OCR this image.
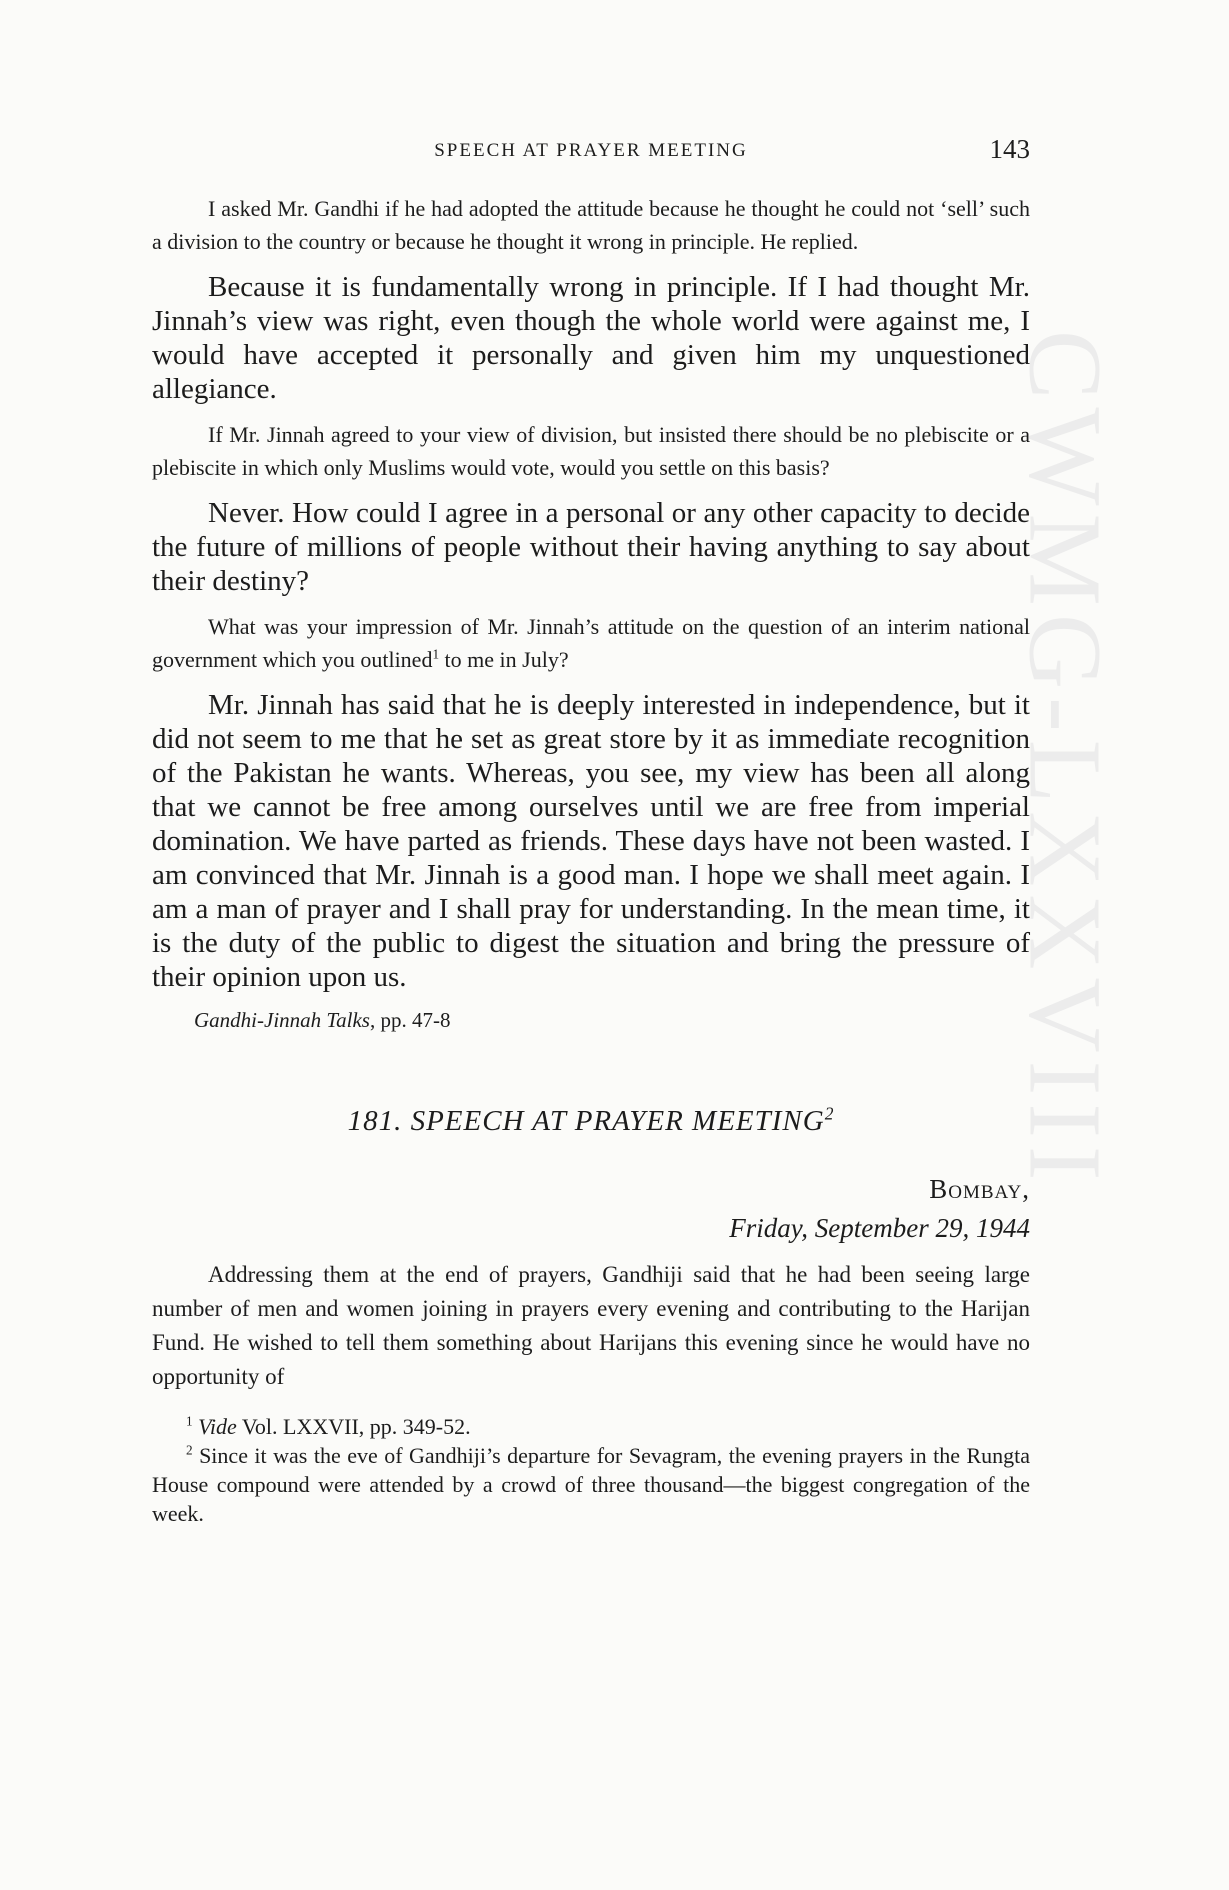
CWMG-LXXVIII
SPEECH AT PRAYER MEETING	143

I asked Mr. Gandhi if he had adopted the attitude because he thought he could not ‘sell’ such a division to the country or because he thought it wrong in principle. He replied.

Because it is fundamentally wrong in principle. If I had thought Mr. Jinnah’s view was right, even though the whole world were against me, I would have accepted it personally and given him my unquestioned allegiance.

If Mr. Jinnah agreed to your view of division, but insisted there should be no plebiscite or a plebiscite in which only Muslims would vote, would you settle on this basis?

Never. How could I agree in a personal or any other capacity to decide the future of millions of people without their having anything to say about their destiny?

What was your impression of Mr. Jinnah’s attitude on the question of an interim national government which you outlined$^1$ to me in July?

Mr. Jinnah has said that he is deeply interested in independence, but it did not seem to me that he set as great store by it as immediate recognition of the Pakistan he wants. Whereas, you see, my view has been all along that we cannot be free among ourselves until we are free from imperial domination. We have parted as friends. These days have not been wasted. I am convinced that Mr. Jinnah is a good man. I hope we shall meet again. I am a man of prayer and I shall pray for understanding. In the mean time, it is the duty of the public to digest the situation and bring the pressure of their opinion upon us.

Gandhi-Jinnah Talks, pp. 47-8

181. SPEECH AT PRAYER MEETING$^2$
Bombay,
Friday, September 29, 1944

Addressing them at the end of prayers, Gandhiji said that he had been seeing large number of men and women joining in prayers every evening and contributing to the Harijan Fund. He wished to tell them something about Harijans this evening since he would have no opportunity of

$^1$ Vide Vol. LXXVII, pp. 349-52.

$^2$ Since it was the eve of Gandhiji’s departure for Sevagram, the evening prayers in the Rungta House compound were attended by a crowd of three thousand—the biggest congregation of the week.
